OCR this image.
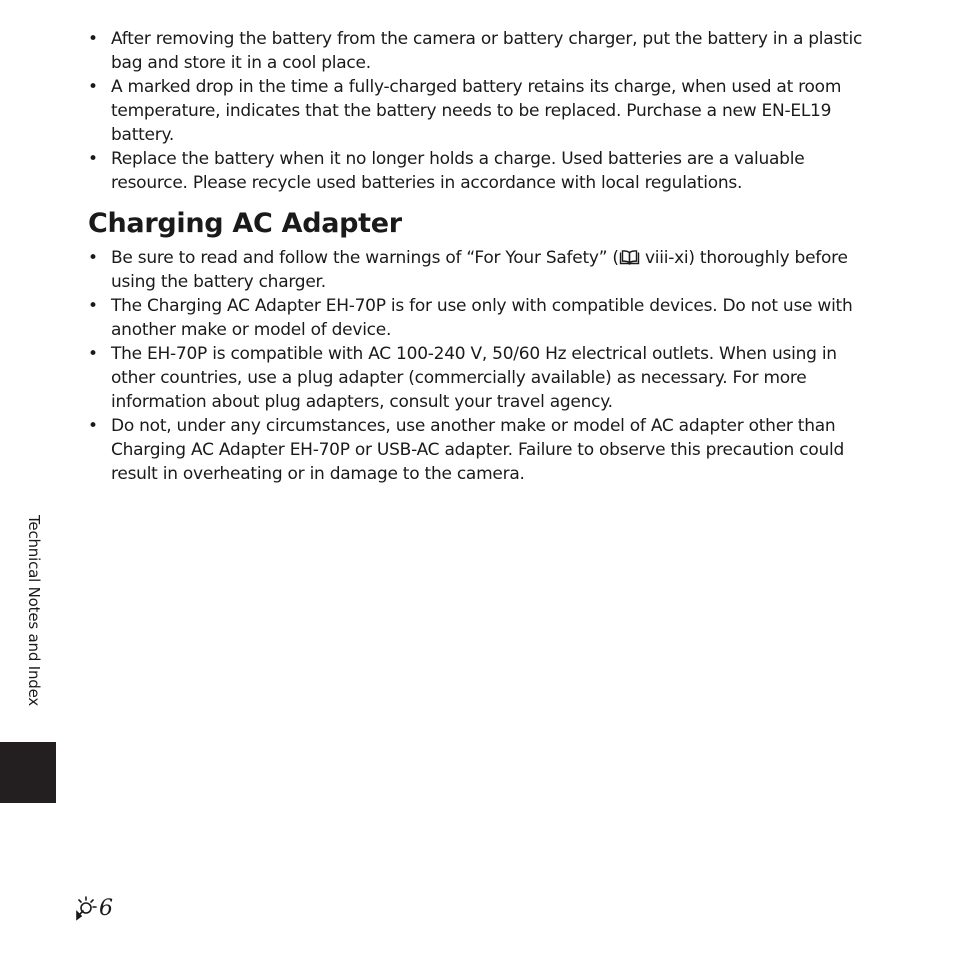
• After removing the battery from the camera or battery charger, put the battery in a plastic bag and store it in a cool place.
• A marked drop in the time a fully-charged battery retains its charge, when used at room temperature, indicates that the battery needs to be replaced. Purchase a new EN-EL19 battery.
• Replace the battery when it no longer holds a charge. Used batteries are a valuable resource. Please recycle used batteries in accordance with local regulations.
Charging AC Adapter
• Be sure to read and follow the warnings of “For Your Safety” ( viii-xi) thoroughly before using the battery charger.
• The Charging AC Adapter EH-70P is for use only with compatible devices. Do not use with another make or model of device.
• The EH-70P is compatible with AC 100-240 V, 50/60 Hz electrical outlets. When using in other countries, use a plug adapter (commercially available) as necessary. For more information about plug adapters, consult your travel agency.
• Do not, under any circumstances, use another make or model of AC adapter other than Charging AC Adapter EH-70P or USB-AC adapter. Failure to observe this precaution could result in overheating or in damage to the camera.
Technical Notes and Index
6
